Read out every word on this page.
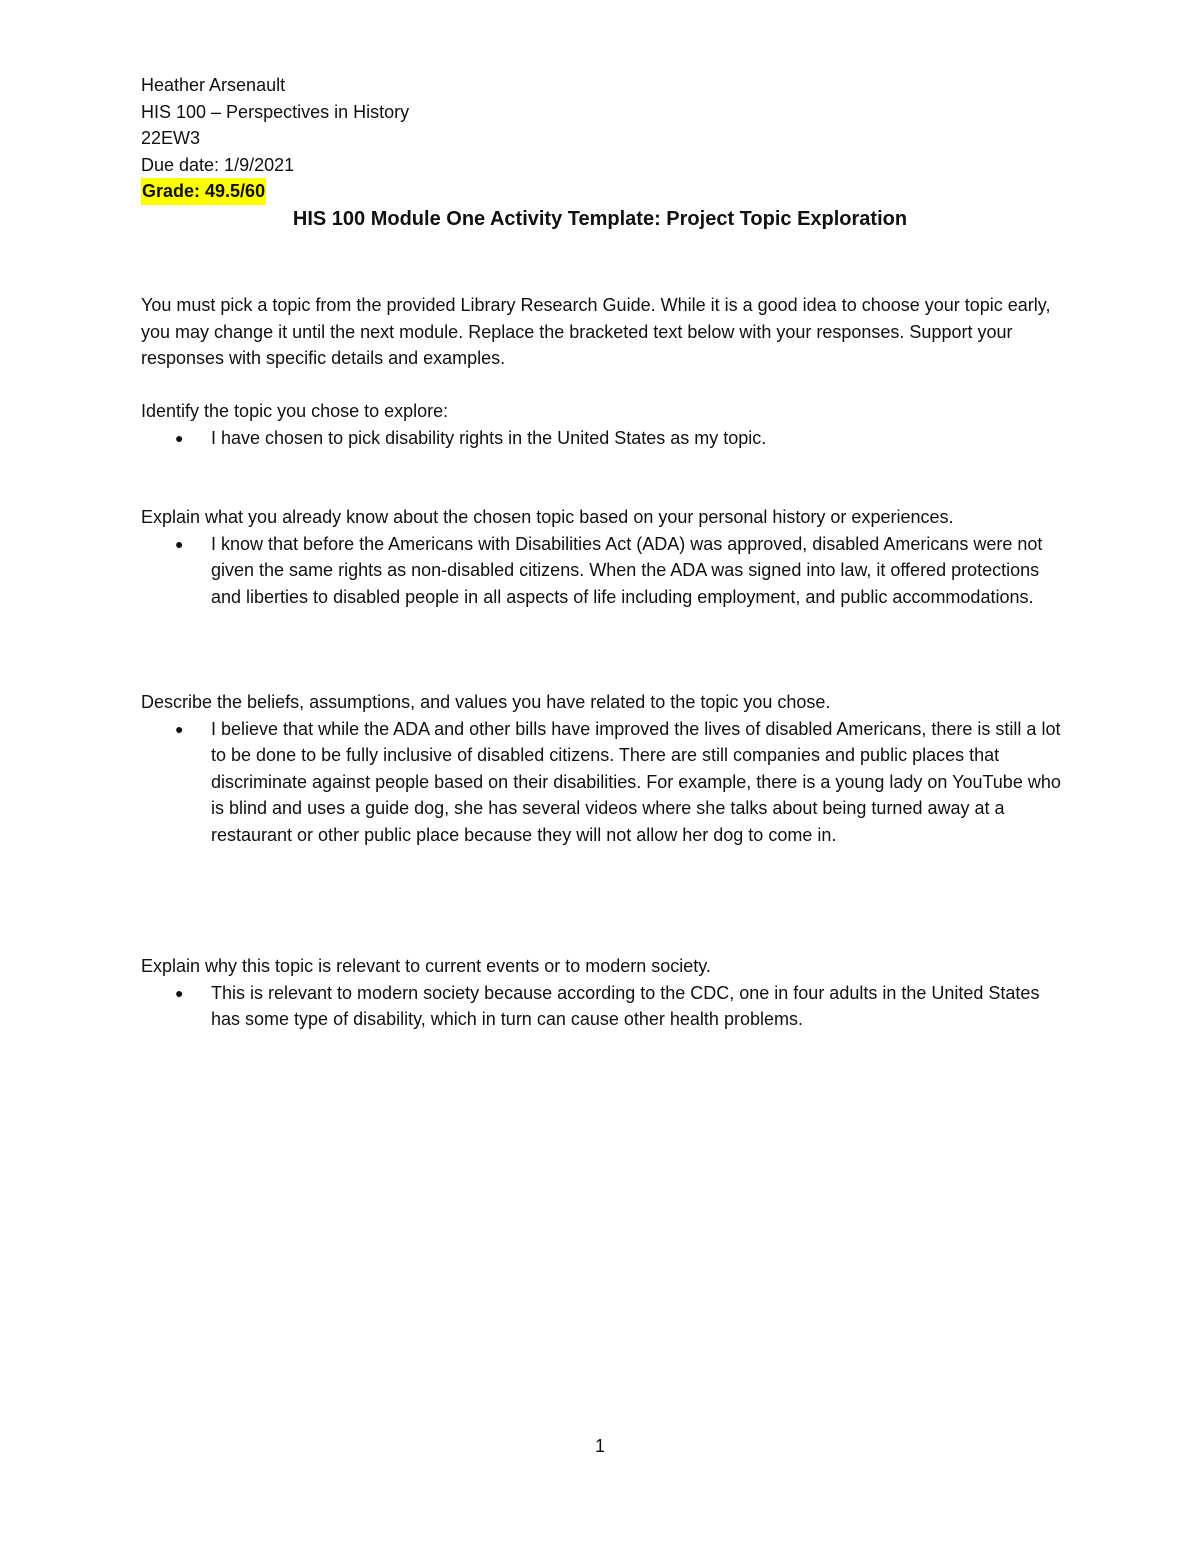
Heather Arsenault
HIS 100 – Perspectives in History
22EW3
Due date: 1/9/2021
Grade: 49.5/60
HIS 100 Module One Activity Template: Project Topic Exploration
You must pick a topic from the provided Library Research Guide. While it is a good idea to choose your topic early, you may change it until the next module. Replace the bracketed text below with your responses. Support your responses with specific details and examples.
Identify the topic you chose to explore:
● I have chosen to pick disability rights in the United States as my topic.
Explain what you already know about the chosen topic based on your personal history or experiences.
● I know that before the Americans with Disabilities Act (ADA) was approved, disabled Americans were not given the same rights as non-disabled citizens. When the ADA was signed into law, it offered protections and liberties to disabled people in all aspects of life including employment, and public accommodations.
Describe the beliefs, assumptions, and values you have related to the topic you chose.
● I believe that while the ADA and other bills have improved the lives of disabled Americans, there is still a lot to be done to be fully inclusive of disabled citizens. There are still companies and public places that discriminate against people based on their disabilities. For example, there is a young lady on YouTube who is blind and uses a guide dog, she has several videos where she talks about being turned away at a restaurant or other public place because they will not allow her dog to come in.
Explain why this topic is relevant to current events or to modern society.
● This is relevant to modern society because according to the CDC, one in four adults in the United States has some type of disability, which in turn can cause other health problems.
1
